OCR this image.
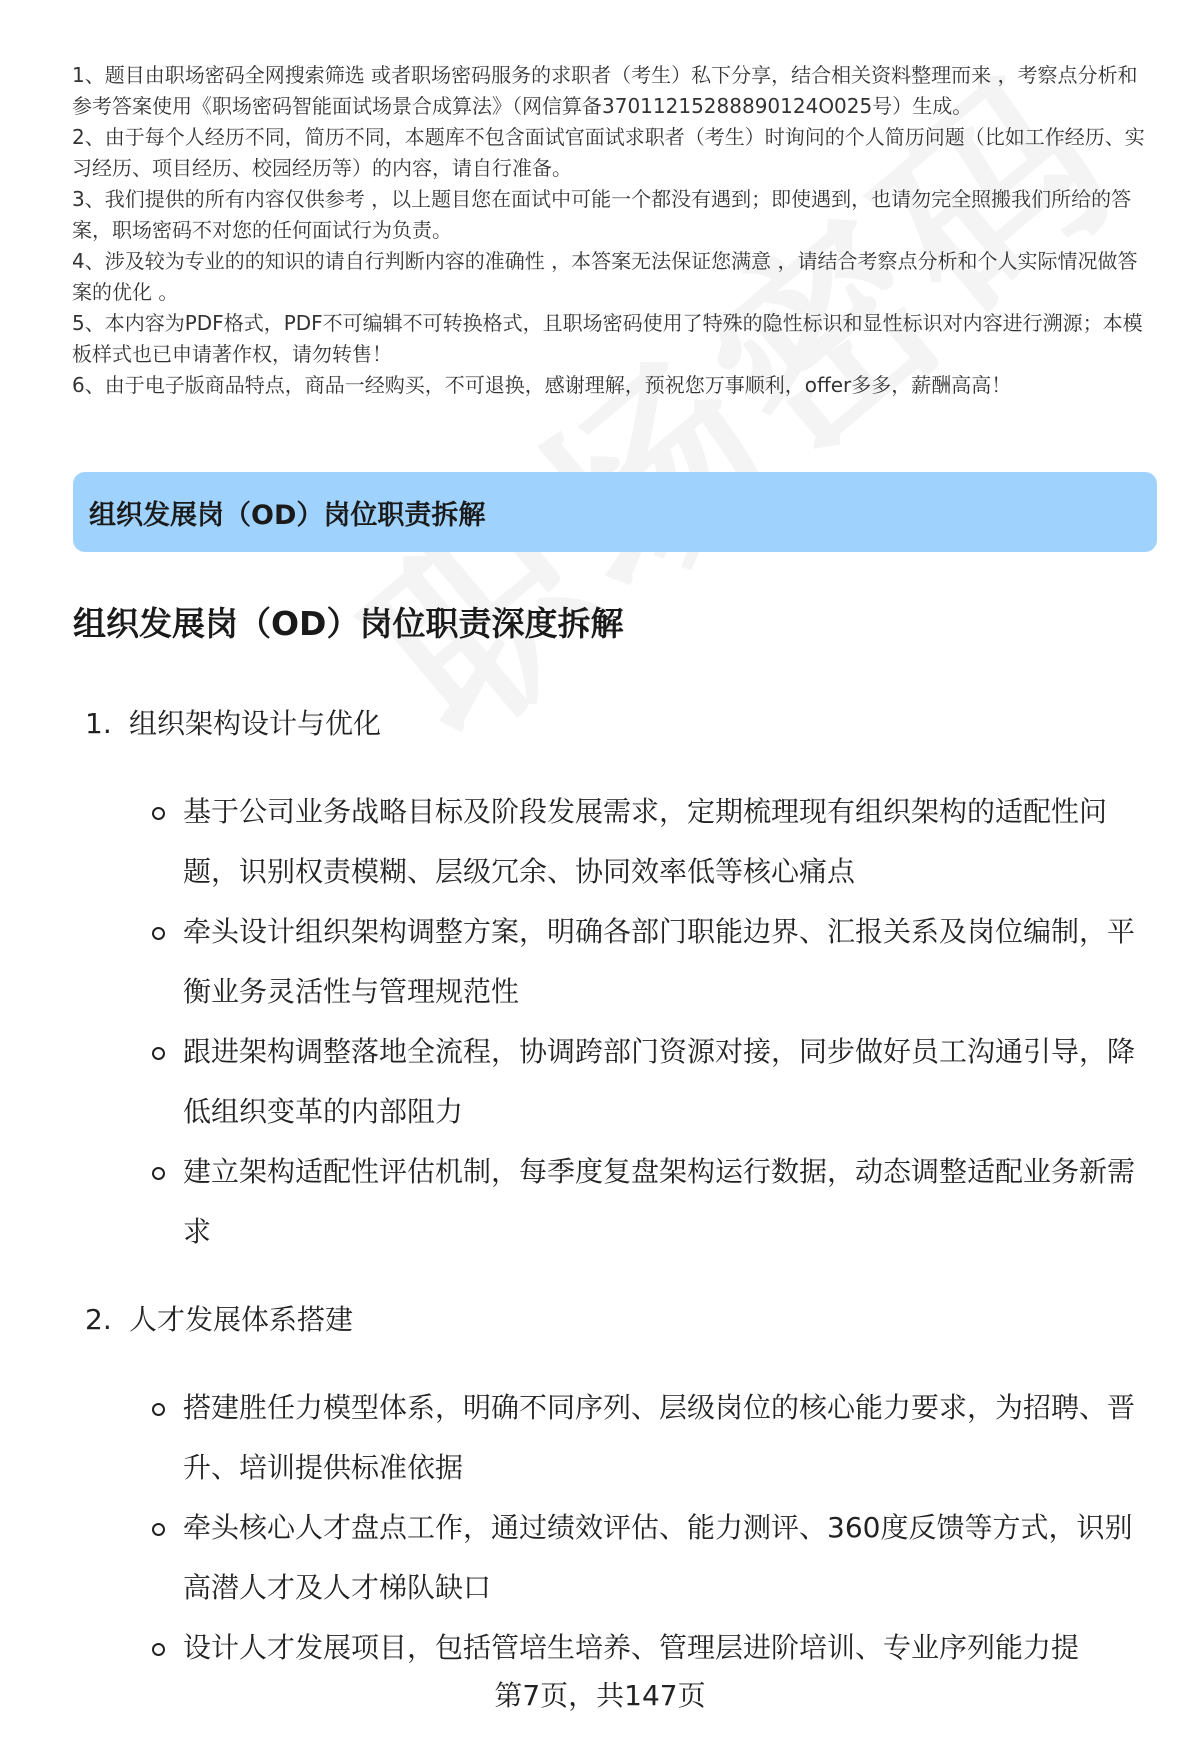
1、题目由职场密码全网搜索筛选 或者职场密码服务的求职者（考生）私下分享，结合相关资料整理而来 ，考察点分析和参考答案使用《职场密码智能面试场景合成算法》（网信算备37011215288890124O025号）生成。

2、由于每个人经历不同，简历不同，本题库不包含面试官面试求职者（考生）时询问的个人简历问题（比如工作经历、实习经历、项目经历、校园经历等）的内容，请自行准备。

3、我们提供的所有内容仅供参考 ，以上题目您在面试中可能一个都没有遇到；即使遇到，也请勿完全照搬我们所给的答案，职场密码不对您的任何面试行为负责。

4、涉及较为专业的的知识的请自行判断内容的准确性 ，本答案无法保证您满意 ，请结合考察点分析和个人实际情况做答案的优化 。

5、本内容为PDF格式，PDF不可编辑不可转换格式，且职场密码使用了特殊的隐性标识和显性标识对内容进行溯源；本模板样式也已申请著作权，请勿转售！

6、由于电子版商品特点，商品一经购买，不可退换，感谢理解，预祝您万事顺利，offer多多，薪酬高高！

组织发展岗（OD）岗位职责拆解
组织发展岗（OD）岗位职责深度拆解
1. 组织架构设计与优化
基于公司业务战略目标及阶段发展需求，定期梳理现有组织架构的适配性问题，识别权责模糊、层级冗余、协同效率低等核心痛点
牵头设计组织架构调整方案，明确各部门职能边界、汇报关系及岗位编制，平衡业务灵活性与管理规范性
跟进架构调整落地全流程，协调跨部门资源对接，同步做好员工沟通引导，降低组织变革的内部阻力
建立架构适配性评估机制，每季度复盘架构运行数据，动态调整适配业务新需求
2. 人才发展体系搭建
搭建胜任力模型体系，明确不同序列、层级岗位的核心能力要求，为招聘、晋升、培训提供标准依据
牵头核心人才盘点工作，通过绩效评估、能力测评、360度反馈等方式，识别高潜人才及人才梯队缺口
设计人才发展项目，包括管培生培养、管理层进阶培训、专业序列能力提
第7页，共147页
